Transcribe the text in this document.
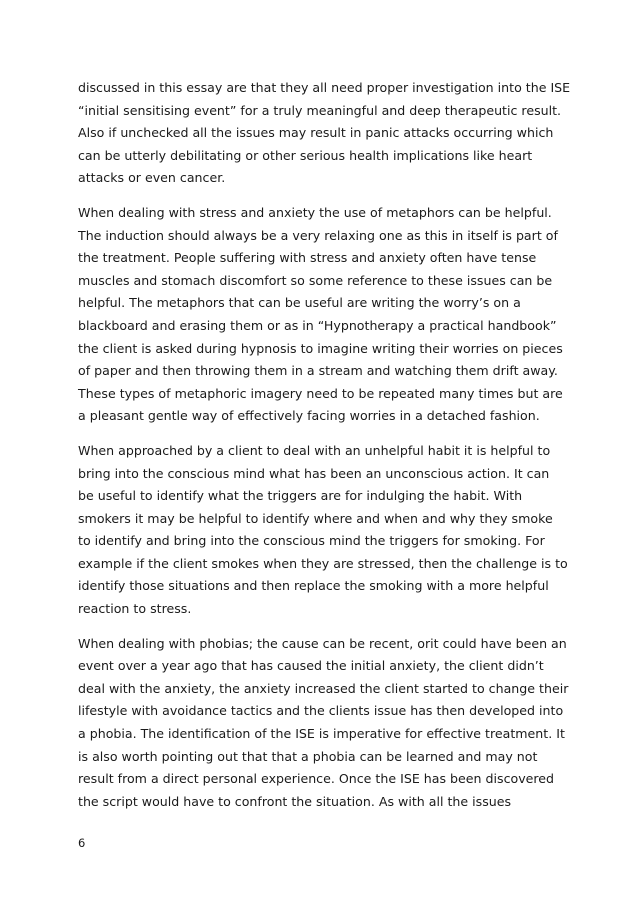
discussed in this essay are that they all need proper investigation into the ISE
“initial sensitising event” for a truly meaningful and deep therapeutic result.
Also if unchecked all the issues may result in panic attacks occurring which
can be utterly debilitating or other serious health implications like heart
attacks or even cancer.

When dealing with stress and anxiety the use of metaphors can be helpful.
The induction should always be a very relaxing one as this in itself is part of
the treatment. People suffering with stress and anxiety often have tense
muscles and stomach discomfort so some reference to these issues can be
helpful. The metaphors that can be useful are writing the worry’s on a
blackboard and erasing them or as in “Hypnotherapy a practical handbook”
the client is asked during hypnosis to imagine writing their worries on pieces
of paper and then throwing them in a stream and watching them drift away.
These types of metaphoric imagery need to be repeated many times but are
a pleasant gentle way of effectively facing worries in a detached fashion.

When approached by a client to deal with an unhelpful habit it is helpful to
bring into the conscious mind what has been an unconscious action. It can
be useful to identify what the triggers are for indulging the habit. With
smokers it may be helpful to identify where and when and why they smoke
to identify and bring into the conscious mind the triggers for smoking. For
example if the client smokes when they are stressed, then the challenge is to
identify those situations and then replace the smoking with a more helpful
reaction to stress.

When dealing with phobias; the cause can be recent, orit could have been an
event over a year ago that has caused the initial anxiety, the client didn’t
deal with the anxiety, the anxiety increased the client started to change their
lifestyle with avoidance tactics and the clients issue has then developed into
a phobia. The identification of the ISE is imperative for effective treatment. It
is also worth pointing out that that a phobia can be learned and may not
result from a direct personal experience. Once the ISE has been discovered
the script would have to confront the situation. As with all the issues

6
